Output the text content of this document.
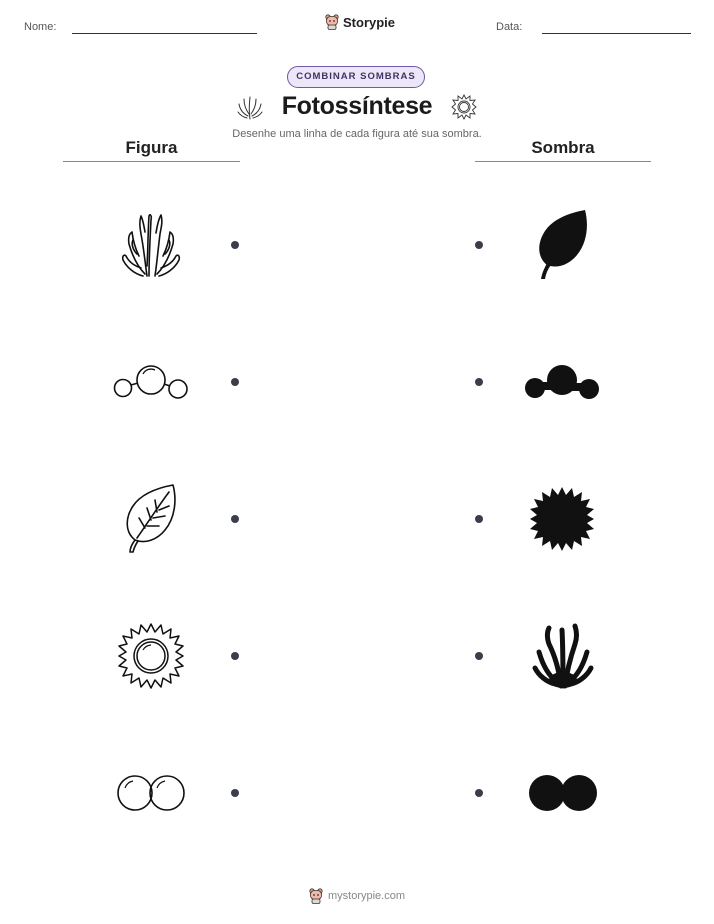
Nome:	Storypie	Data:
COMBINAR SOMBRAS
Fotossíntese
Desenhe uma linha de cada figura até sua sombra.
Figura	Sombra
mystorypie.com
